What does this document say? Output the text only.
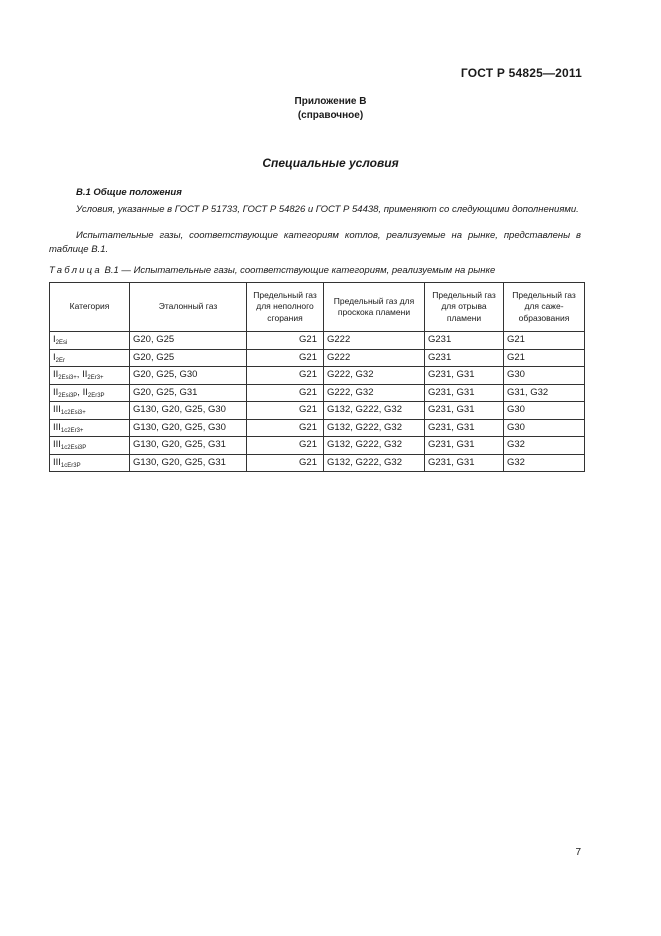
ГОСТ Р 54825—2011
Приложение В
(справочное)
Специальные условия
В.1 Общие положения
Условия, указанные в ГОСТ Р 51733, ГОСТ Р 54826 и ГОСТ Р 54438, применяют со следующими дополнениями.
Испытательные газы, соответствующие категориям котлов, реализуемые на рынке, представлены в таблице В.1.
Таблица В.1 — Испытательные газы, соответствующие категориям, реализуемым на рынке
Категория	Эталонный газ	Предельный газ для неполного сгорания	Предельный газ для проскока пламени	Предельный газ для отрыва пламени	Предельный газ для саже-образования
$I_{2Esi}$	G20, G25	G21	G222	G231	G21
$I_{2Er}$	G20, G25	G21	G222	G231	G21
$II_{2Esi3+}$, $II_{2Er3+}$	G20, G25, G30	G21	G222, G32	G231, G31	G30
$II_{2Esi3P}$, $II_{2Er3P}$	G20, G25, G31	G21	G222, G32	G231, G31	G31, G32
$III_{1c2Esi3+}$	G130, G20, G25, G30	G21	G132, G222, G32	G231, G31	G30
$III_{1c2Er3+}$	G130, G20, G25, G30	G21	G132, G222, G32	G231, G31	G30
$III_{1c2Esi3P}$	G130, G20, G25, G31	G21	G132, G222, G32	G231, G31	G32
$III_{1cEr3P}$	G130, G20, G25, G31	G21	G132, G222, G32	G231, G31	G32
7
